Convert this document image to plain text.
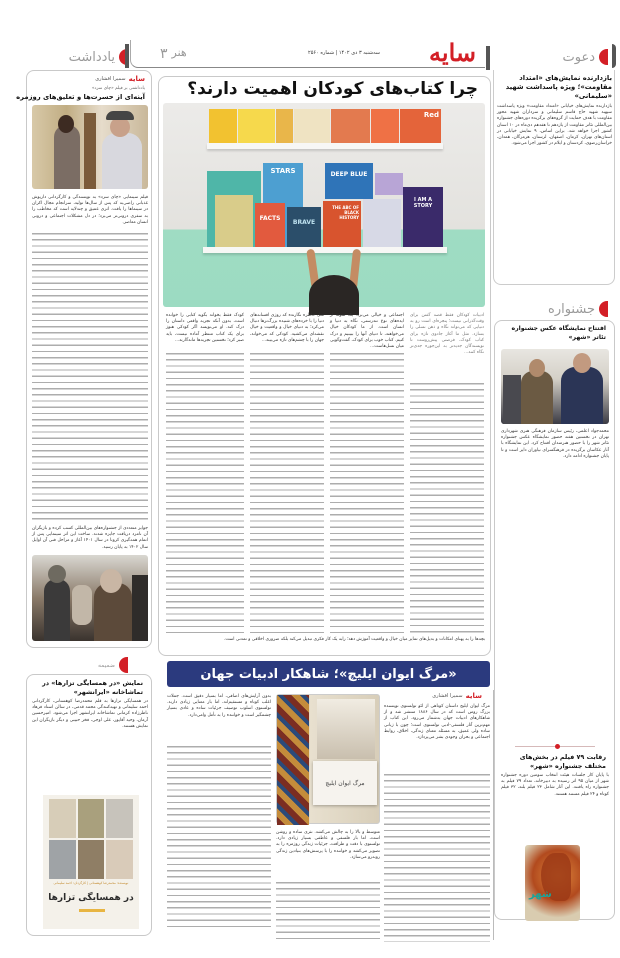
سایه
سه‌شنبه ۳ دی ۱۴۰۲ | شماره ۲۵۶۰
هنر
۳	دعوت
یادداشت
بازدارنده نمایش‌های «امتداد مقاومت»؛ ویژه پاسداشت شهید «سلیمانی»
بازدارنده نمایش‌های خیابانی «امتداد مقاومت» ویژه پاسداشت سپهبد شهید حاج قاسم سلیمانی و سرداران شهید محور مقاومت با هدف حمایت از گروه‌های برگزیده دوره‌های جشنواره بین‌المللی تئاتر مقاومت از یازدهم تا هفدهم دی‌ماه در ۱۰ استان کشور اجرا خواهد شد. براین اساس، ۹ نمایش خیابانی در استان‌های تهران، کرمان، اصفهان، لرستان، هرمزگان، همدان، خراسان‌رضوی، کردستان و ایلام در کشور اجرا می‌شود.
جشنواره
افتتاح نمایشگاه عکس جشنواره تئاتر «شهر»
محمدجواد اعلمی، رئیس سازمان فرهنگی هنری شهرداری تهران در نخستین هفته حضور نمایشگاه عکس جشنواره تئاتر شهر را با حضور هنرمندان افتتاح کرد. این نمایشگاه با آثار عکاسان برگزیده در فرهنگسرای نیاوران دایر است و تا پایان جشنواره ادامه دارد.
رقابت ۷۹ فیلم در بخش‌های مختلف جشنواره «شهر»
با پایان کار جلسات هیئت انتخاب سومین دوره جشنواره شهر از میان ۹۵ اثر رسیده به دبیرخانه، تعداد ۷۹ فیلم به جشنواره راه یافتند. این آثار شامل ۲۳ فیلم بلند، ۳۲ فیلم کوتاه و ۲۴ فیلم مستند هستند.
شهر
سایه
سمیرا افشاری
یادداشتی بر فیلم «چای سرد»
آینه‌ای از حسرت‌ها و تعلیق‌های روزمره
فیلم سینمایی «چای سرد» به نویسندگی و کارگردانی داریوش غذبانی راضی‌به که پس از سال‌ها تولید، سرانجام مجال اکران در سینماها را یافت. اثری عمیق و چندلایه است که مخاطب را به سفری درونی‌تر می‌برد؛ در دل مشکلات اجتماعی و درونی انسان معاصر.
جوایز متعددی از جشنواره‌های بین‌المللی کسب کرده و بازیگران آن نامزد دریافت جایزه شدند. ساخت این اثر سینمایی پس از اتمام همه‌گیری کرونا در سال ۱۴۰۱ آغاز و مراحل فنی آن اوایل سال ۱۴۰۲ به پایان رسید.
ضمیمه
نمایش «در همسایگی تزارها» در تماشاخانه «ایرانشهر»
در همسایگی تزارها به قلم محمدرضا کوهستانی، کارگردانی احمد سلیمانی و تهیه‌کنندگی محمد قدمی، در سالن استاد فرهاد ناظرزاده کرمانی تماشاخانه ایرانشهر اجرا می‌شود. امیرحسین آرمان، وحید آقاپور، علی اوجی، فخر حبیبی و دیگر بازیگران این نمایش هستند.
نویسنده: محمدرضا کوهستانی | کارگردان: احمد سلیمانی
در همسایگی تزارها
چرا کتاب‌های کودکان اهمیت دارند؟
Red
STARS	DEEP BLUE
FACTS
BRAVE
THE ABC OF BLACK HISTORY
I AM A STORY
ادبیات کودکان فقط قصه گفتن برای وقت‌گذرانی نیست؛ پنجره‌ای است رو به دنیایی که می‌تواند نگاه و ذهن نسلی را بسازد. مثل ما آغاز جادوی تازه برای کتاب کودک، فرصتی پیش‌روست تا نویسندگان جدیدتر به این‌جوره جدی‌تر نگاه کنند...
اجتماعی و خیالی می‌برد. یک نمونه از ایده‌های نوع تندرستی، نگاه به دنیا و انسان است. از ما کودکان خیال می‌خواهند، تا دنیای آنها را ببینیم و درک کنیم. کتاب خوب برای کودک، گفت‌وگویی میان نسل‌هاست...
مثل خاطره نگارنده که روزی افسانه‌های دنیا را با خرده‌های شنیده بزرگ‌ترها دنبال می‌کرد؛ به دنیای خیال و واقعیت و خیال نقشه‌ای می‌کشید. کودکی که می‌خواند، جهان را با چشم‌های تازه می‌بیند...
کودک فقط بخواند بگوید کتابی را خوانده است، بدون آنکه تجربه واقعی داستان را درک کند. او می‌نویسد اگر کودکی هنوز برای یک کتاب منتظر آماده نیست، باید صبر کرد؛ نخستین تجربه‌ها ماندگارند...
بچه‌ها را به پهنای امکانات و بدیل‌های تمایز میان خیال و واقعیت آموزش دهد؛ رابه یک کار فکری تبدیل می‌کند بلکه ضروری اخلاقی و تمدنی است.
«مرگ ایوان ایلیچ»؛ شاهکار ادبیات جهان
سایه
سمیرا افشاری
مرگ ایوان ایلیچ داستان کوتاهی از لئو تولستوی نویسنده بزرگ روس است که در سال ۱۸۸۶ منتشر شد و از شاهکارهای ادبیات جهان به‌شمار می‌رود. این کتاب از مهم‌ترین آثار فلسفی-ادبی تولستوی است؛ چون با زبانی ساده ولی عمیق، به مسئله معنای زندگی، اخلاق، روابط اجتماعی و بحران وجودی بشر می‌پردازد.
مرگ ایوان ایلیچ
متوسط و بالا را به چالش می‌کشد. نثری ساده و روشن است، اما بار فلسفی و عاطفی بسیار زیادی دارد. تولستوی با دقت و ظرافت، جزئیات زندگی روزمره را به تصویر می‌کشد و خواننده را با پرسش‌های بنیادین زندگی روبه‌رو می‌سازد.
بدون آرایش‌های اضافی، اما بسیار دقیق است. جملات اغلب کوتاه و مستقیم‌اند، اما بار معنایی زیادی دارند. تولستوی اسلوب توصیف جزئیات ساده و عادی بسیار چشمگیر است و خواننده را به تأمل وامی‌دارد.
